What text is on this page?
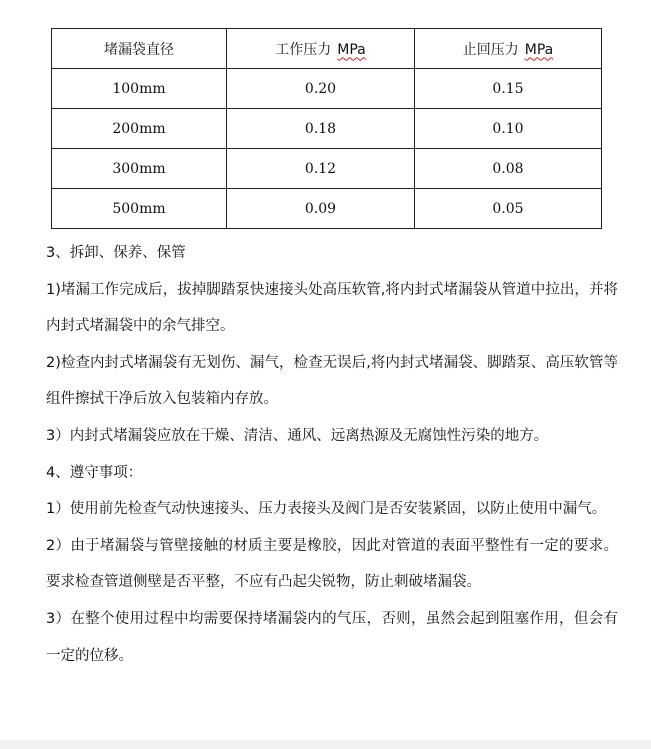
堵漏袋直径	工作压力 MPa	止回压力 MPa
100mm	0.20	0.15
200mm	0.18	0.10
300mm	0.12	0.08
500mm	0.09	0.05

3、拆卸、保养、保管

1)堵漏工作完成后，拔掉脚踏泵快速接头处高压软管,将内封式堵漏袋从管道中拉出，并将内封式堵漏袋中的余气排空。

2)检查内封式堵漏袋有无划伤、漏气，检查无误后,将内封式堵漏袋、脚踏泵、高压软管等组件擦拭干净后放入包装箱内存放。

3）内封式堵漏袋应放在干燥、清洁、通风、远离热源及无腐蚀性污染的地方。

4、遵守事项：

1）使用前先检查气动快速接头、压力表接头及阀门是否安装紧固，以防止使用中漏气。

2）由于堵漏袋与管壁接触的材质主要是橡胶，因此对管道的表面平整性有一定的要求。要求检查管道侧壁是否平整，不应有凸起尖锐物，防止刺破堵漏袋。

3）在整个使用过程中均需要保持堵漏袋内的气压，否则，虽然会起到阻塞作用，但会有一定的位移。
